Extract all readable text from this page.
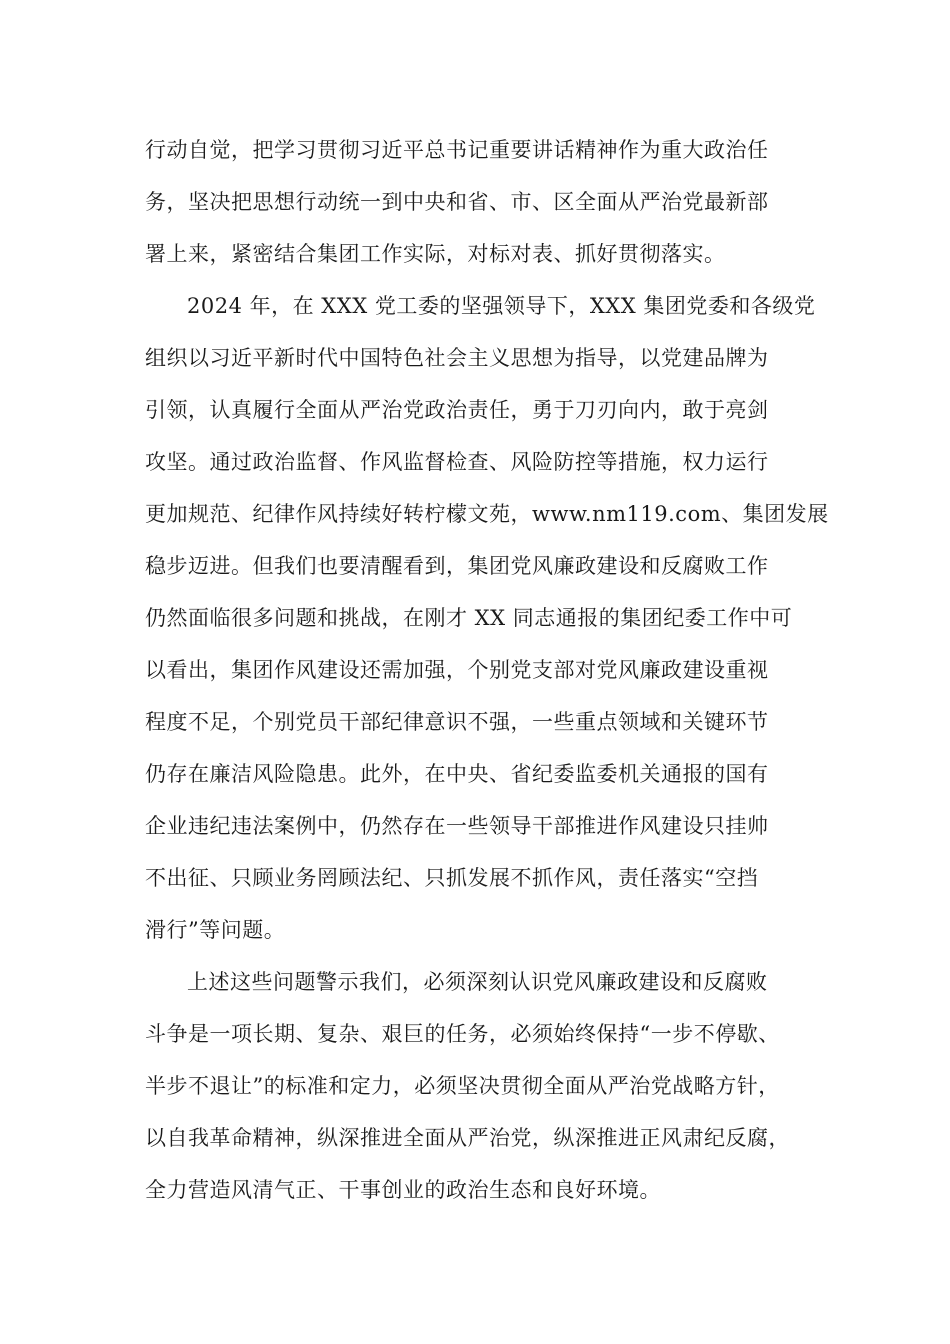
行动自觉，把学习贯彻习近平总书记重要讲话精神作为重大政治任
务，坚决把思想行动统一到中央和省、市、区全面从严治党最新部
署上来，紧密结合集团工作实际，对标对表、抓好贯彻落实。
2024 年，在 XXX 党工委的坚强领导下，XXX 集团党委和各级党
组织以习近平新时代中国特色社会主义思想为指导，以党建品牌为
引领，认真履行全面从严治党政治责任，勇于刀刃向内，敢于亮剑
攻坚。通过政治监督、作风监督检查、风险防控等措施，权力运行
更加规范、纪律作风持续好转柠檬文苑，www.nm119.com、集团发展
稳步迈进。但我们也要清醒看到，集团党风廉政建设和反腐败工作
仍然面临很多问题和挑战，在刚才 XX 同志通报的集团纪委工作中可
以看出，集团作风建设还需加强，个别党支部对党风廉政建设重视
程度不足，个别党员干部纪律意识不强，一些重点领域和关键环节
仍存在廉洁风险隐患。此外，在中央、省纪委监委机关通报的国有
企业违纪违法案例中，仍然存在一些领导干部推进作风建设只挂帅
不出征、只顾业务罔顾法纪、只抓发展不抓作风，责任落实“空挡
滑行”等问题。
上述这些问题警示我们，必须深刻认识党风廉政建设和反腐败
斗争是一项长期、复杂、艰巨的任务，必须始终保持“一步不停歇、
半步不退让”的标准和定力，必须坚决贯彻全面从严治党战略方针，
以自我革命精神，纵深推进全面从严治党，纵深推进正风肃纪反腐，
全力营造风清气正、干事创业的政治生态和良好环境。
